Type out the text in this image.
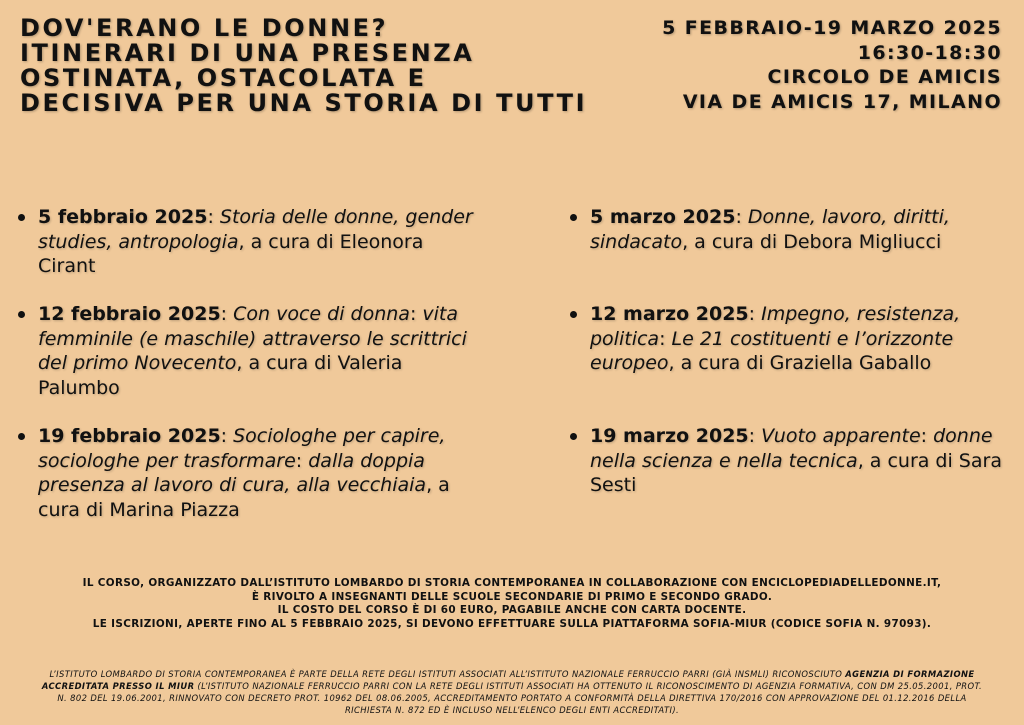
DOV'ERANO LE DONNE?
ITINERARI DI UNA PRESENZA
OSTINATA, OSTACOLATA E
DECISIVA PER UNA STORIA DI TUTTI
5 FEBBRAIO-19 MARZO 2025
16:30-18:30
CIRCOLO DE AMICIS
VIA DE AMICIS 17, MILANO
5 febbraio 2025: Storia delle donne, gender studies, antropologia, a cura di Eleonora Cirant
12 febbraio 2025: Con voce di donna: vita femminile (e maschile) attraverso le scrittrici del primo Novecento, a cura di Valeria Palumbo
19 febbraio 2025: Sociologhe per capire, sociologhe per trasformare: dalla doppia presenza al lavoro di cura, alla vecchiaia, a cura di Marina Piazza
5 marzo 2025: Donne, lavoro, diritti, sindacato, a cura di Debora Migliucci
12 marzo 2025: Impegno, resistenza, politica: Le 21 costituenti e l’orizzonte europeo, a cura di Graziella Gaballo
19 marzo 2025: Vuoto apparente: donne nella scienza e nella tecnica, a cura di Sara Sesti
IL CORSO, ORGANIZZATO DALL’ISTITUTO LOMBARDO DI STORIA CONTEMPORANEA IN COLLABORAZIONE CON ENCICLOPEDIADELLEDONNE.IT,
È RIVOLTO A INSEGNANTI DELLE SCUOLE SECONDARIE DI PRIMO E SECONDO GRADO.
IL COSTO DEL CORSO È DI 60 EURO, PAGABILE ANCHE CON CARTA DOCENTE.
LE ISCRIZIONI, APERTE FINO AL 5 FEBBRAIO 2025, SI DEVONO EFFETTUARE SULLA PIATTAFORMA SOFIA-MIUR (CODICE SOFIA N. 97093).
L’ISTITUTO LOMBARDO DI STORIA CONTEMPORANEA È PARTE DELLA RETE DEGLI ISTITUTI ASSOCIATI ALL’ISTITUTO NAZIONALE FERRUCCIO PARRI (GIÀ INSMLI) RICONOSCIUTO AGENZIA DI FORMAZIONE ACCREDITATA PRESSO IL MIUR (L’ISTITUTO NAZIONALE FERRUCCIO PARRI CON LA RETE DEGLI ISTITUTI ASSOCIATI HA OTTENUTO IL RICONOSCIMENTO DI AGENZIA FORMATIVA, CON DM 25.05.2001, PROT. N. 802 DEL 19.06.2001, RINNOVATO CON DECRETO PROT. 10962 DEL 08.06.2005, ACCREDITAMENTO PORTATO A CONFORMITÀ DELLA DIRETTIVA 170/2016 CON APPROVAZIONE DEL 01.12.2016 DELLA RICHIESTA N. 872 ED È INCLUSO NELL’ELENCO DEGLI ENTI ACCREDITATI).
